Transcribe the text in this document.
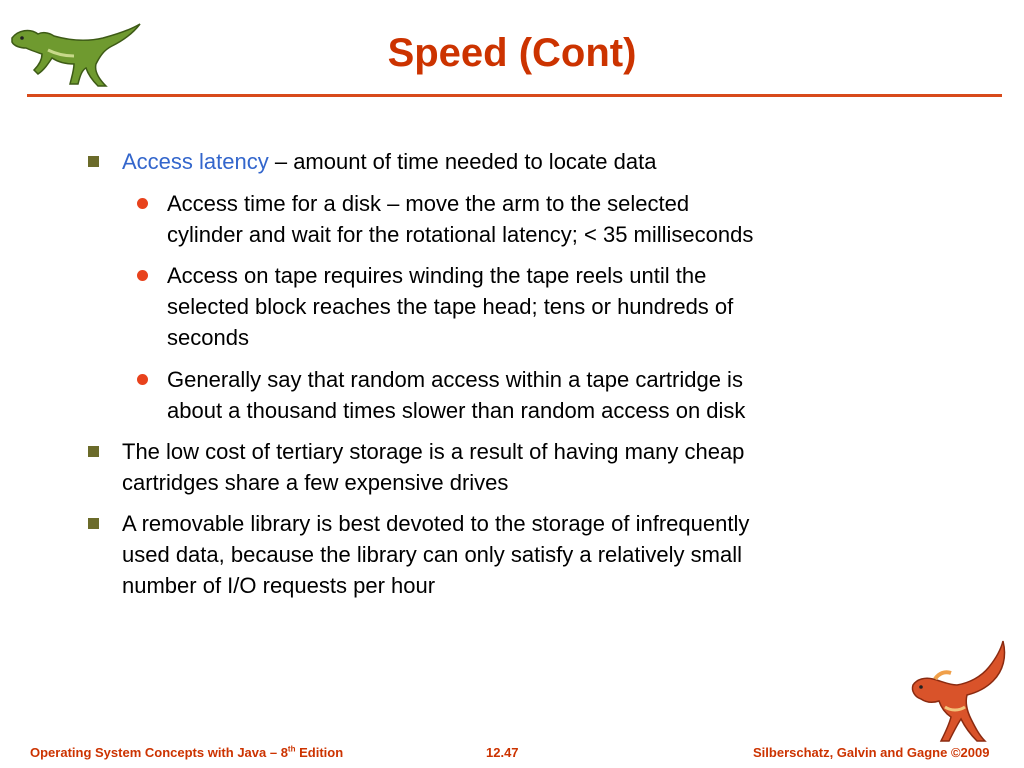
Speed (Cont)
Access latency – amount of time needed to locate data
Access time for a disk – move the arm to the selected
cylinder and wait for the rotational latency; < 35 milliseconds
Access on tape requires winding the tape reels until the
selected block reaches the tape head; tens or hundreds of
seconds
Generally say that random access within a tape cartridge is
about a thousand times slower than random access on disk
The low cost of tertiary storage is a result of having many cheap
cartridges share a few expensive drives
A removable library is best devoted to the storage of infrequently
used data, because the library can only satisfy a relatively small
number of I/O requests per hour
Operating System Concepts with Java – 8th Edition	12.47	Silberschatz, Galvin and Gagne ©2009
